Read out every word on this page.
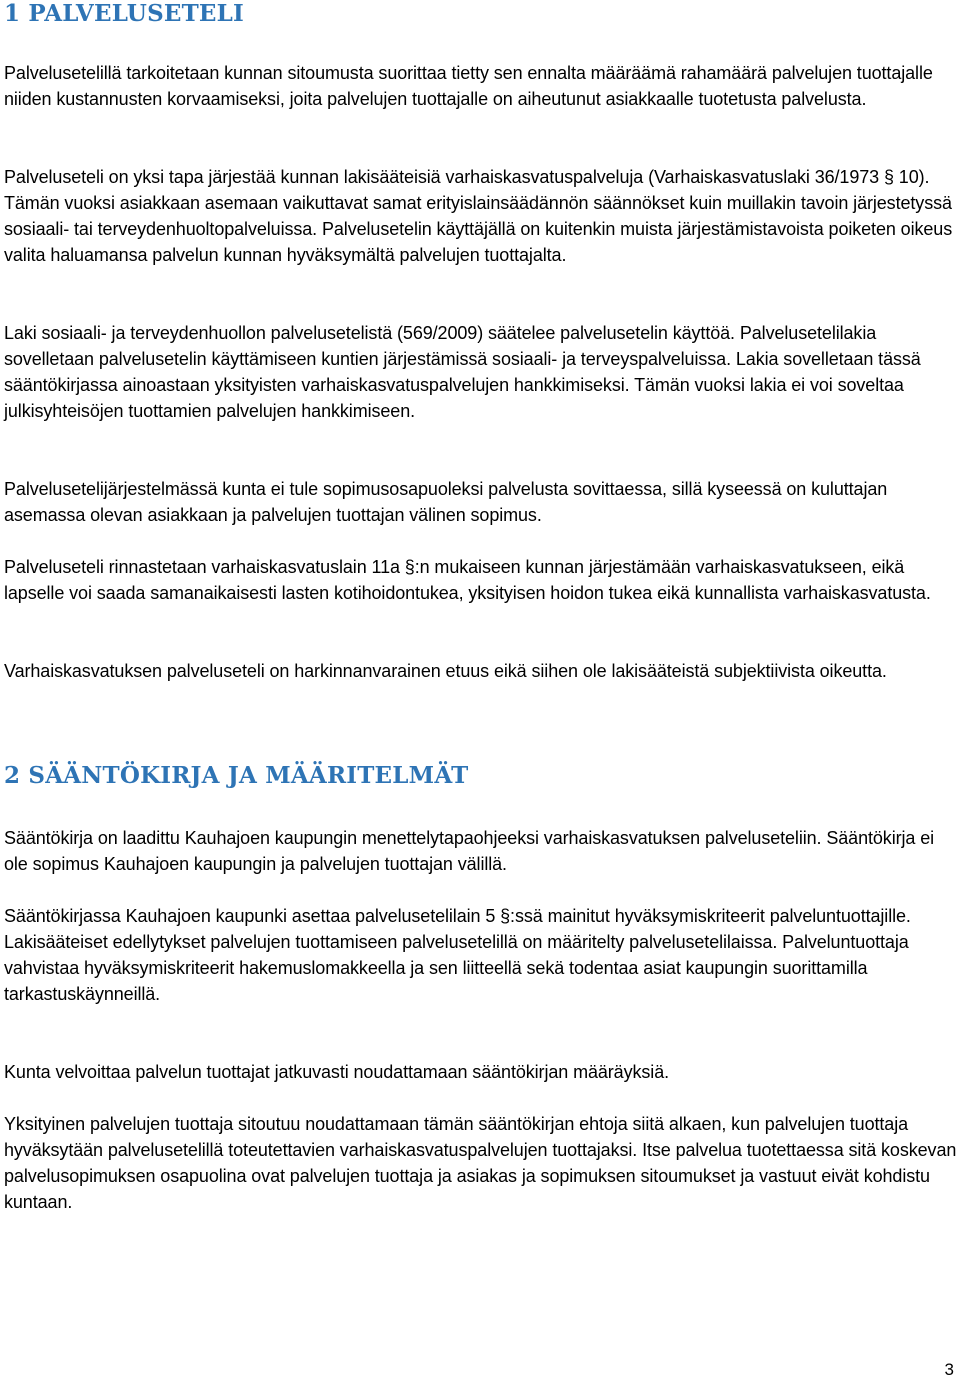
1 PALVELUSETELI

Palvelusetelillä tarkoitetaan kunnan sitoumusta suorittaa tietty sen ennalta määräämä rahamäärä palvelujen tuottajalle niiden kustannusten korvaamiseksi, joita palvelujen tuottajalle on aiheutunut asiakkaalle tuotetusta palvelusta.

Palveluseteli on yksi tapa järjestää kunnan lakisääteisiä varhaiskasvatuspalveluja (Varhaiskasvatuslaki 36/1973 § 10). Tämän vuoksi asiakkaan asemaan vaikuttavat samat erityislainsäädännön säännökset kuin muillakin tavoin järjestetyssä sosiaali- tai terveydenhuoltopalveluissa. Palvelusetelin käyttäjällä on kuitenkin muista järjestämistavoista poiketen oikeus valita haluamansa palvelun kunnan hyväksymältä palvelujen tuottajalta.

Laki sosiaali- ja terveydenhuollon palvelusetelistä (569/2009) säätelee palvelusetelin käyttöä. Palvelusetelilakia sovelletaan palvelusetelin käyttämiseen kuntien järjestämissä sosiaali- ja terveyspalveluissa. Lakia sovelletaan tässä sääntökirjassa ainoastaan yksityisten varhaiskasvatuspalvelujen hankkimiseksi. Tämän vuoksi lakia ei voi soveltaa julkisyhteisöjen tuottamien palvelujen hankkimiseen.

Palvelusetelijärjestelmässä kunta ei tule sopimusosapuoleksi palvelusta sovittaessa, sillä kyseessä on kuluttajan asemassa olevan asiakkaan ja palvelujen tuottajan välinen sopimus.

Palveluseteli rinnastetaan varhaiskasvatuslain 11a §:n mukaiseen kunnan järjestämään varhaiskasvatukseen, eikä lapselle voi saada samanaikaisesti lasten kotihoidontukea, yksityisen hoidon tukea eikä kunnallista varhaiskasvatusta.

Varhaiskasvatuksen palveluseteli on harkinnanvarainen etuus eikä siihen ole lakisääteistä subjektiivista oikeutta.

2 SÄÄNTÖKIRJA JA MÄÄRITELMÄT

Sääntökirja on laadittu Kauhajoen kaupungin menettelytapaohjeeksi varhaiskasvatuksen palveluseteliin. Sääntökirja ei ole sopimus Kauhajoen kaupungin ja palvelujen tuottajan välillä.

Sääntökirjassa Kauhajoen kaupunki asettaa palvelusetelilain 5 §:ssä mainitut hyväksymiskriteerit palveluntuottajille. Lakisääteiset edellytykset palvelujen tuottamiseen palvelusetelillä on määritelty palvelusetelilaissa. Palveluntuottaja vahvistaa hyväksymiskriteerit hakemuslomakkeella ja sen liitteellä sekä todentaa asiat kaupungin suorittamilla tarkastuskäynneillä.

Kunta velvoittaa palvelun tuottajat jatkuvasti noudattamaan sääntökirjan määräyksiä.

Yksityinen palvelujen tuottaja sitoutuu noudattamaan tämän sääntökirjan ehtoja siitä alkaen, kun palvelujen tuottaja hyväksytään palvelusetelillä toteutettavien varhaiskasvatuspalvelujen tuottajaksi. Itse palvelua tuotettaessa sitä koskevan palvelusopimuksen osapuolina ovat palvelujen tuottaja ja asiakas ja sopimuksen sitoumukset ja vastuut eivät kohdistu kuntaan.

3
